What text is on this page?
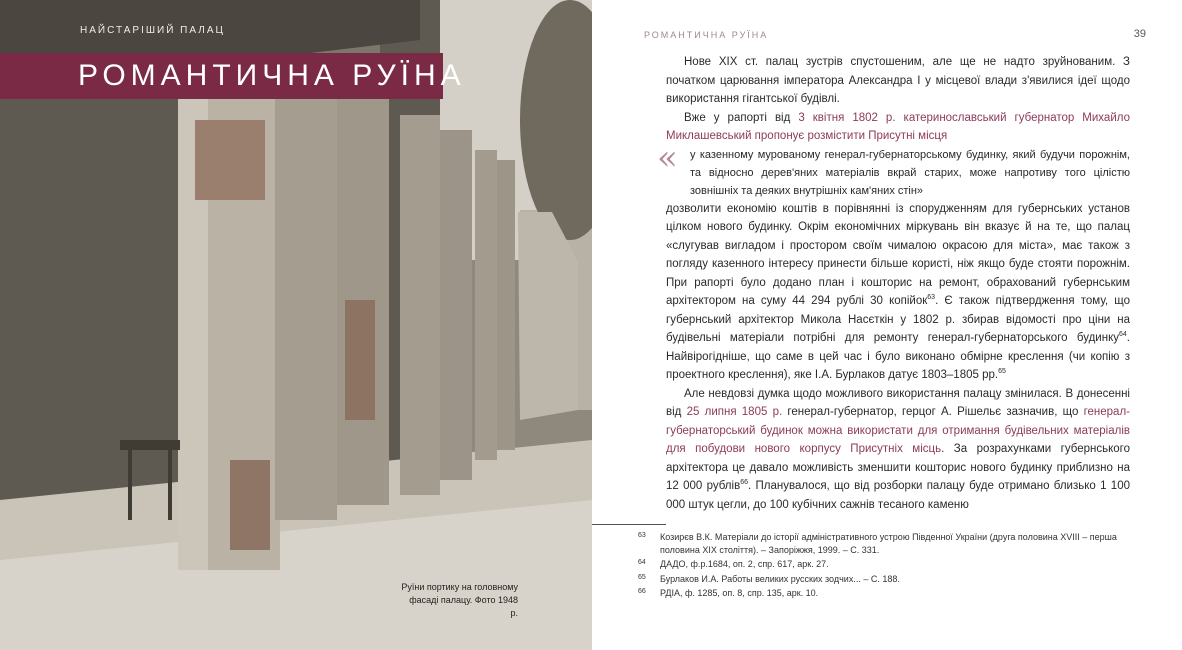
НАЙСТАРІШИЙ ПАЛАЦ
РОМАНТИЧНА РУЇНА
Руїни портику на головному
фасаді палацу. Фото 1948 р.
РОМАНТИЧНА РУЇНА	39

Нове XIX ст. палац зустрів спустошеним, але ще не надто зруйнованим. З початком царювання імператора Александра I у місцевої влади з'явилися ідеї щодо використання гігантської будівлі.

Вже у рапорті від 3 квітня 1802 р. катеринославський губернатор Михайло Миклашевський пропонує розмістити Присутні місця

« у казенному мурованому генерал-губернаторському будинку, який будучи порожнім, та відносно дерев'яних матеріалів вкрай старих, може напротиву того цілістю зовнішніх та деяких внутрішніх кам'яних стін»

дозволити економію коштів в порівнянні із спорудженням для губернських установ цілком нового будинку. Окрім економічних міркувань він вказує й на те, що палац «слугував вигладом і простором своїм чималою окрасою для міста», має також з погляду казенного інтересу принести більше користі, ніж якщо буде стояти порожнім. При рапорті було додано план і кошторис на ремонт, обрахований губернським архітектором на суму 44 294 рублі 30 копійок$^{63}$. Є також підтвердження тому, що губернський архітектор Микола Насєткін у 1802 р. збирав відомості про ціни на будівельні матеріали потрібні для ремонту генерал-губернаторського будинку$^{64}$. Найвірогідніше, що саме в цей час і було виконано обмірне креслення (чи копію з проектного креслення), яке І.А. Бурлаков датує 1803–1805 рр.$^{65}$

Але невдовзі думка щодо можливого використання палацу змінилася. В донесенні від 25 липня 1805 р. генерал-губернатор, герцог А. Рішельє зазначив, що генерал-губернаторський будинок можна використати для отримання будівельних матеріалів для побудови нового корпусу Присутніх місць. За розрахунками губернського архітектора це давало можливість зменшити кошторис нового будинку приблизно на 12 000 рублів$^{66}$. Планувалося, що від розборки палацу буде отримано близько 1 100 000 штук цегли, до 100 кубічних сажнів тесаного каменю

63	Козирєв В.К. Матеріали до історії адміністративного устрою Південної України (друга половина XVIII – перша половина XIX століття). – Запоріжжя, 1999. – С. 331.
64	ДАДО, ф.р.1684, оп. 2, спр. 617, арк. 27.
65	Бурлаков И.А. Работы великих русских зодчих... – С. 188.
66	РДІА, ф. 1285, оп. 8, спр. 135, арк. 10.
